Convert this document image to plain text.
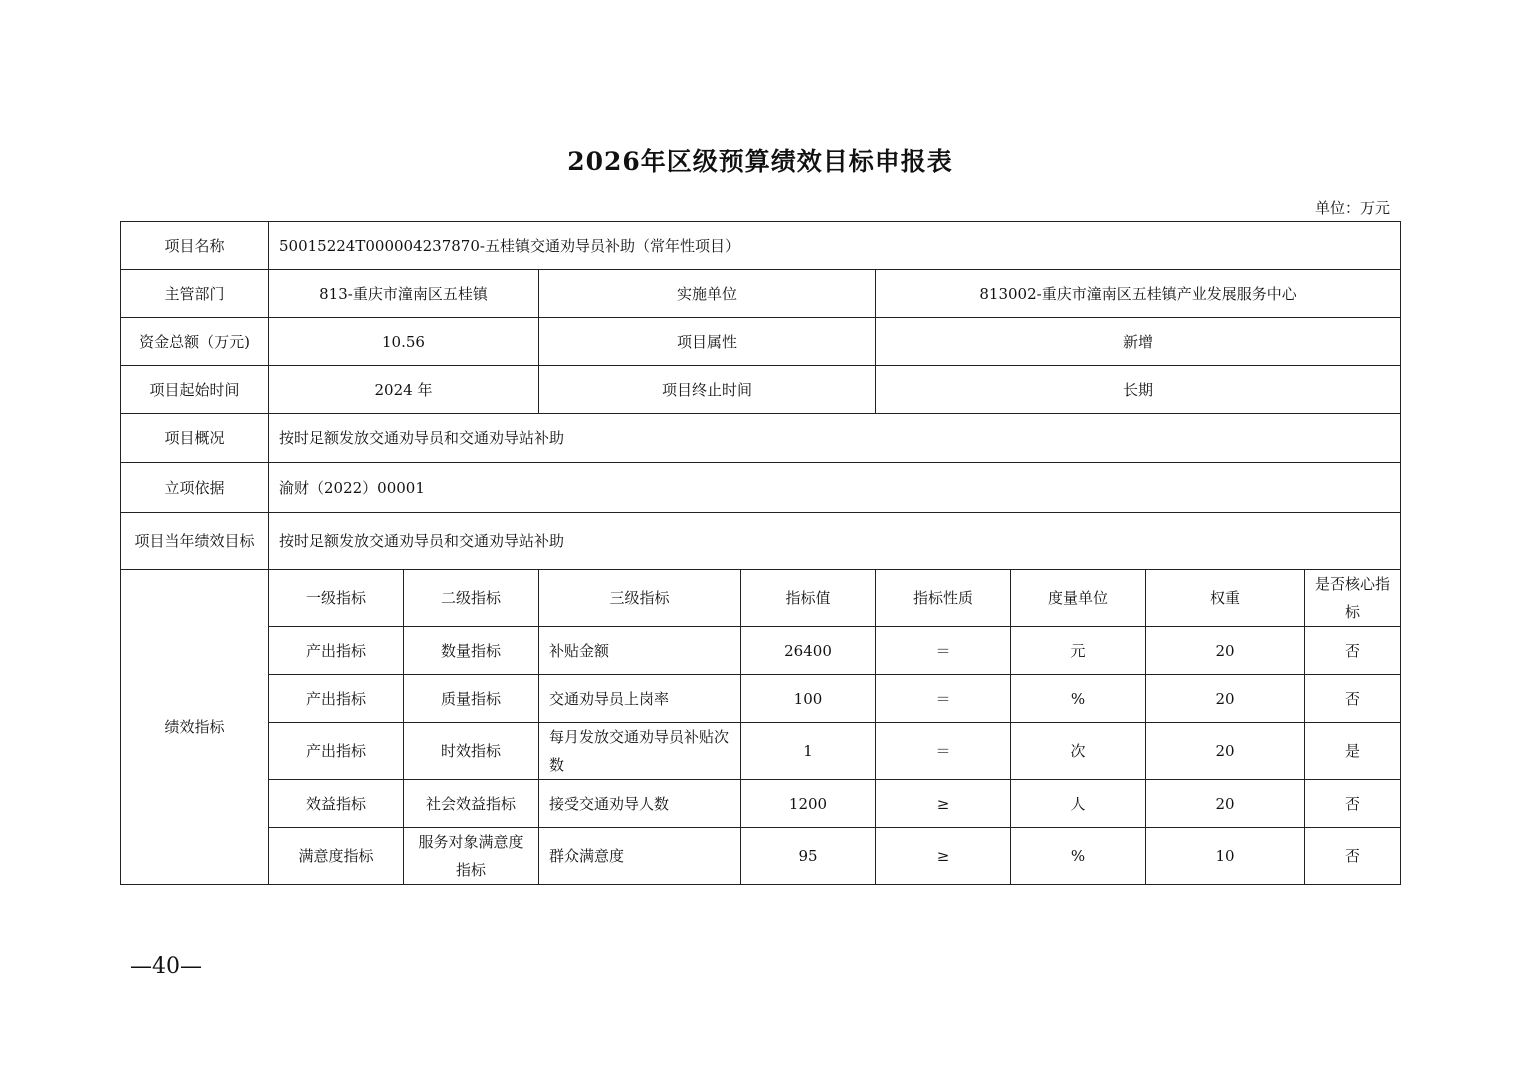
2026年区级预算绩效目标申报表
单位：万元
项目名称	50015224T000004237870-五桂镇交通劝导员补助（常年性项目）							
主管部门	813-重庆市潼南区五桂镇		实施单位		813002-重庆市潼南区五桂镇产业发展服务中心			
资金总额（万元)	10.56		项目属性		新增			
项目起始时间	2024 年		项目终止时间		长期			
项目概况	按时足额发放交通劝导员和交通劝导站补助							
立项依据	渝财（2022）00001							
项目当年绩效目标	按时足额发放交通劝导员和交通劝导站补助							
绩效指标	一级指标	二级指标	三级指标	指标值	指标性质	度量单位	权重	是否核心指标
	产出指标	数量指标	补贴金额	26400	＝	元	20	否
	产出指标	质量指标	交通劝导员上岗率	100	＝	%	20	否
	产出指标	时效指标	每月发放交通劝导员补贴次数	1	＝	次	20	是
	效益指标	社会效益指标	接受交通劝导人数	1200	≥	人	20	否
	满意度指标	服务对象满意度指标	群众满意度	95	≥	%	10	否
—40—
